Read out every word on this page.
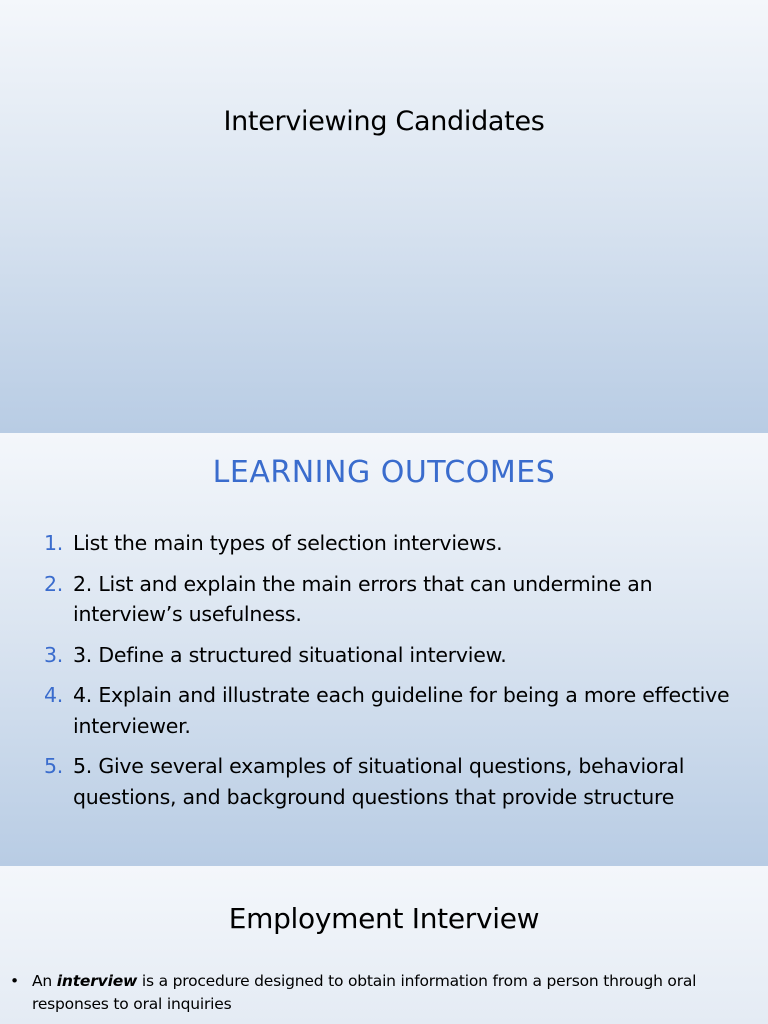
Interviewing Candidates
LEARNING OUTCOMES
1. List the main types of selection interviews.
2. 2. List and explain the main errors that can undermine an interview’s usefulness.
3. 3. Define a structured situational interview.
4. 4. Explain and illustrate each guideline for being a more effective interviewer.
5. 5. Give several examples of situational questions, behavioral questions, and background questions that provide structure
Employment Interview
• An interview is a procedure designed to obtain information from a person through oral responses to oral inquiries
